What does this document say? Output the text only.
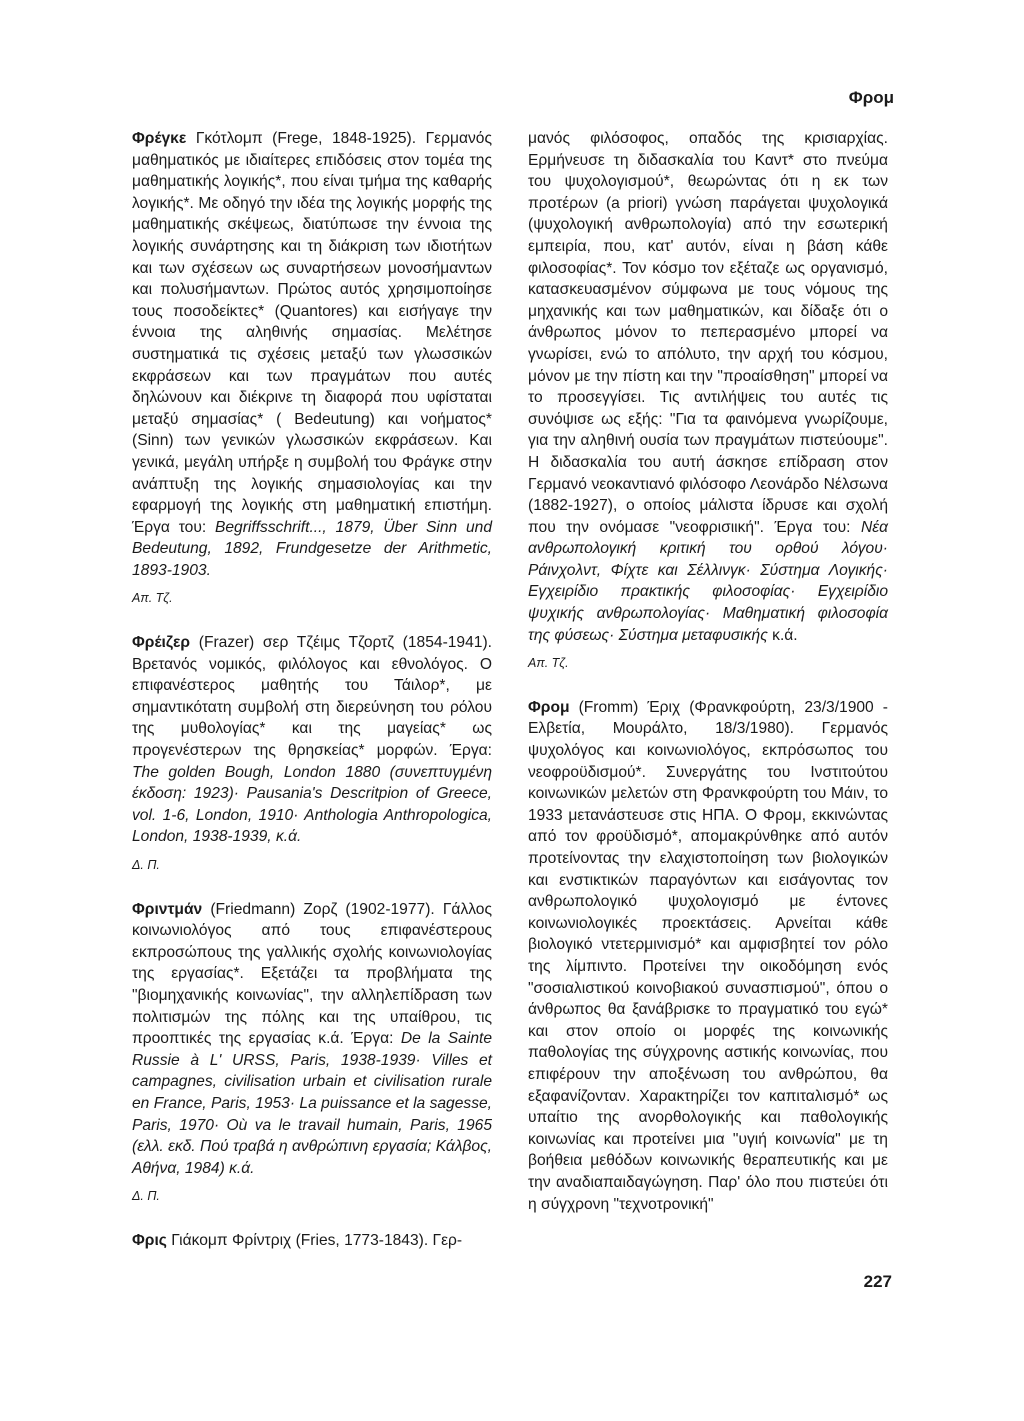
Φρομ

Φρέγκε Γκότλομπ (Frege, 1848-1925). Γερμανός μαθηματικός με ιδιαίτερες επιδόσεις στον τομέα της μαθηματικής λογικής*, που είναι τμήμα της καθαρής λογικής*. Με οδηγό την ιδέα της λογικής μορφής της μαθηματικής σκέψεως, διατύπωσε την έννοια της λογικής συνάρτησης και τη διάκριση των ιδιοτήτων και των σχέσεων ως συναρτήσεων μονοσήμαντων και πολυσήμαντων. Πρώτος αυτός χρησιμοποίησε τους ποσοδείκτες* (Quantores) και εισήγαγε την έννοια της αληθινής σημασίας. Μελέτησε συστηματικά τις σχέσεις μεταξύ των γλωσσικών εκφράσεων και των πραγμάτων που αυτές δηλώνουν και διέκρινε τη διαφορά που υφίσταται μεταξύ σημασίας* ( Bedeutung) και νοήματος* (Sinn) των γενικών γλωσσικών εκφράσεων. Και γενικά, μεγάλη υπήρξε η συμβολή του Φράγκε στην ανάπτυξη της λογικής σημασιολογίας και την εφαρμογή της λογικής στη μαθηματική επιστήμη. Έργα του: Begriffsschrift..., 1879, Über Sinn und Bedeutung, 1892, Frundgesetze der Arithmetic, 1893-1903.

Απ. Τζ.

Φρέιζερ (Frazer) σερ Τζέιμς Τζορτζ (1854-1941). Βρετανός νομικός, φιλόλογος και εθνολόγος. Ο επιφανέστερος μαθητής του Τάιλορ*, με σημαντικότατη συμβολή στη διερεύνηση του ρόλου της μυθολογίας* και της μαγείας* ως προγενέστερων της θρησκείας* μορφών. Έργα: The golden Bough, London 1880 (συνεπτυγμένη έκδοση: 1923)· Pausania's Descritpion of Greece, vol. 1-6, London, 1910· Anthologia Anthropologica, London, 1938-1939, κ.ά.

Δ. Π.

Φριντμάν (Friedmann) Ζορζ (1902-1977). Γάλλος κοινωνιολόγος από τους επιφανέστερους εκπροσώπους της γαλλικής σχολής κοινωνιολογίας της εργασίας*. Εξετάζει τα προβλήματα της "βιομηχανικής κοινωνίας", την αλληλεπίδραση των πολιτισμών της πόλης και της υπαίθρου, τις προοπτικές της εργασίας κ.ά. Έργα: De la Sainte Russie à L' URSS, Paris, 1938-1939· Villes et campagnes, civilisation urbain et civilisation rurale en France, Paris, 1953· La puissance et la sagesse, Paris, 1970· Où va le travail humain, Paris, 1965 (ελλ. εκδ. Πού τραβά η ανθρώπινη εργασία; Κάλβος, Αθήνα, 1984) κ.ά.

Δ. Π.

Φρις Γιάκομπ Φρίντριχ (Fries, 1773-1843). Γερ-

μανός φιλόσοφος, οπαδός της κρισιαρχίας. Ερμήνευσε τη διδασκαλία του Καντ* στο πνεύμα του ψυχολογισμού*, θεωρώντας ότι η εκ των προτέρων (a priori) γνώση παράγεται ψυχολογικά (ψυχολογική ανθρωπολογία) από την εσωτερική εμπειρία, που, κατ' αυτόν, είναι η βάση κάθε φιλοσοφίας*. Τον κόσμο τον εξέταζε ως οργανισμό, κατασκευασμένον σύμφωνα με τους νόμους της μηχανικής και των μαθηματικών, και δίδαξε ότι ο άνθρωπος μόνον το πεπερασμένο μπορεί να γνωρίσει, ενώ το απόλυτο, την αρχή του κόσμου, μόνον με την πίστη και την "προαίσθηση" μπορεί να το προσεγγίσει. Τις αντιλήψεις του αυτές τις συνόψισε ως εξής: "Για τα φαινόμενα γνωρίζουμε, για την αληθινή ουσία των πραγμάτων πιστεύουμε". Η διδασκαλία του αυτή άσκησε επίδραση στον Γερμανό νεοκαντιανό φιλόσοφο Λεονάρδο Νέλσωνα (1882-1927), ο οποίος μάλιστα ίδρυσε και σχολή που την ονόμασε "νεοφρισιική". Έργα του: Νέα ανθρωπολογική κριτική του ορθού λόγου· Ράινχολντ, Φίχτε και Σέλλινγκ· Σύστημα Λογικής· Εγχειρίδιο πρακτικής φιλοσοφίας· Εγχειρίδιο ψυχικής ανθρωπολογίας· Μαθηματική φιλοσοφία της φύσεως· Σύστημα μεταφυσικής κ.ά.

Απ. Τζ.

Φρομ (Fromm) Έριχ (Φρανκφούρτη, 23/3/1900 - Ελβετία, Μουράλτο, 18/3/1980). Γερμανός ψυχολόγος και κοινωνιολόγος, εκπρόσωπος του νεοφροϋδισμού*. Συνεργάτης του Ινστιτούτου κοινωνικών μελετών στη Φρανκφούρτη του Μάιν, το 1933 μετανάστευσε στις ΗΠΑ. Ο Φρομ, εκκινώντας από τον φροϋδισμό*, απομακρύνθηκε από αυτόν προτείνοντας την ελαχιστοποίηση των βιολογικών και ενστικτικών παραγόντων και εισάγοντας τον ανθρωπολογικό ψυχολογισμό με έντονες κοινωνιολογικές προεκτάσεις. Αρνείται κάθε βιολογικό ντετερμινισμό* και αμφισβητεί τον ρόλο της λίμπιντο. Προτείνει την οικοδόμηση ενός "σοσιαλιστικού κοινοβιακού συνασπισμού", όπου ο άνθρωπος θα ξανάβρισκε το πραγματικό του εγώ* και στον οποίο οι μορφές της κοινωνικής παθολογίας της σύγχρονης αστικής κοινωνίας, που επιφέρουν την αποξένωση του ανθρώπου, θα εξαφανίζονταν. Χαρακτηρίζει τον καπιταλισμό* ως υπαίτιο της ανορθολογικής και παθολογικής κοινωνίας και προτείνει μια "υγιή κοινωνία" με τη βοήθεια μεθόδων κοινωνικής θεραπευτικής και με την αναδιαπαιδαγώγηση. Παρ' όλο που πιστεύει ότι η σύγχρονη "τεχνοτρονική"

227
